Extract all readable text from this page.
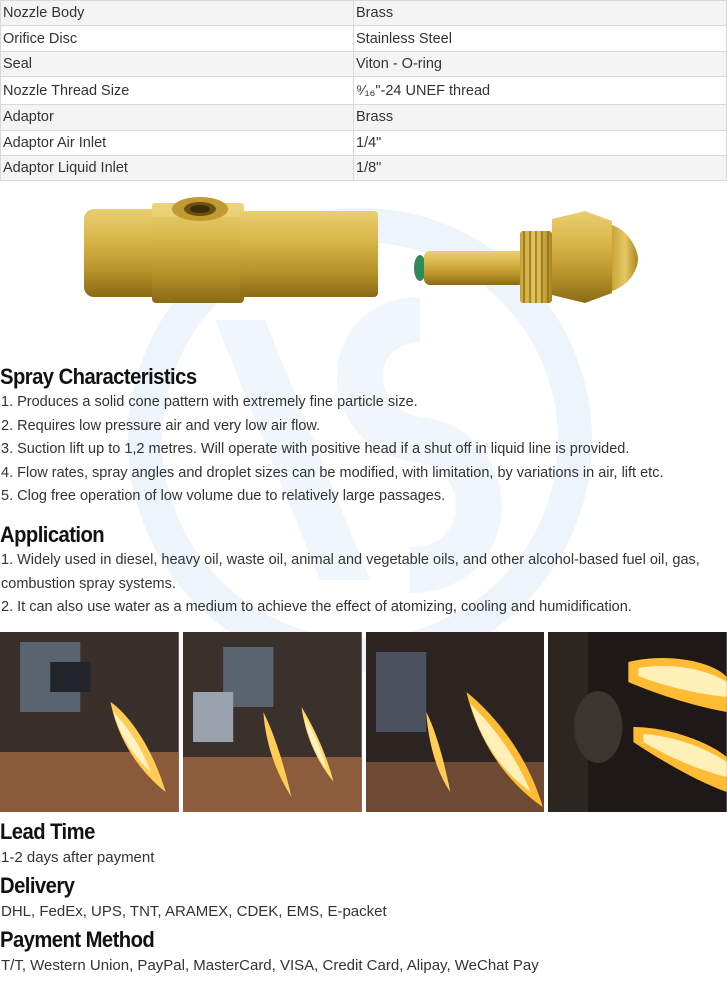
Nozzle Body	Brass
Orifice Disc	Stainless Steel
Seal	Viton - O-ring
Nozzle Thread Size	⁹⁄₁₆"-24 UNEF thread
Adaptor	Brass
Adaptor Air Inlet	1/4"
Adaptor Liquid Inlet	1/8"
Spray Characteristics
1. Produces a solid cone pattern with extremely fine particle size.
2. Requires low pressure air and very low air flow.
3. Suction lift up to 1,2 metres. Will operate with positive head if a shut off in liquid line is provided.
4. Flow rates, spray angles and droplet sizes can be modified, with limitation, by variations in air, lift etc.
5. Clog free operation of low volume due to relatively large passages.
Application
1. Widely used in diesel, heavy oil, waste oil, animal and vegetable oils, and other alcohol-based fuel oil, gas, combustion spray systems.
2. It can also use water as a medium to achieve the effect of atomizing, cooling and humidification.
Lead Time

1-2 days after payment

Delivery

DHL, FedEx, UPS, TNT, ARAMEX, CDEK, EMS, E-packet

Payment Method

T/T, Western Union, PayPal, MasterCard, VISA, Credit Card, Alipay, WeChat Pay
